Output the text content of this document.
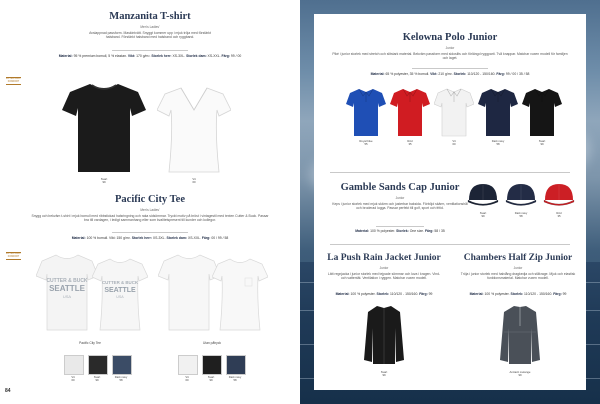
Manzanita T-shirt
Men's Ladies'
Avslappnad passform. Maskintvätt. Snyggt kommer upp i mjuk tröja med förstärkt halsband. Förstärkt halsband med halsband och ryggband.
Material: 95 % premium bomull, 5 % elastan. Vikt: 170 g/m². Storlek herr: XS-3XL. Storlek dam: XS-XXL. Färg: 99 / 00
EXTRA MJUK KOMFORT
Svart
99
Vit
00
Pacific City Tee
Men's Ladies'
Snygg och bekväm t-shirt i mjuk bomull med ribbstickad halsringning och raka sidsömmar. Tryckt motiv på bröst i vintagestil med texten Cutter & Buck. Passar bra till vardagen, i ledigt sammanhang eller som kvalitetspresent till kunder och kollegor.
Material: 100 % bomull. Vikt: 150 g/m². Storlek herr: XS-3XL. Storlek dam: XS-XXL. Färg: 00 / 99 / 58
EXTRA MJUK KOMFORT
CUTTER & BUCK
SEATTLE
USA
CUTTER & BUCK
SEATTLE
USA
Pacific City Tee	Utan påtryck
Vit
00
Svart
99
Dark navy
58
Vit
00
Svart
99
Dark navy
58
84
Kelowna Polo Junior
Junior
Piké i junior storlek med stretch och slitstark material. Bekväm passform med sidoslits och förlängd ryggparti. Två knappar. Matchar vuxen modell för familjen och laget.
Material: 65 % polyester, 35 % bomull. Vikt: 210 g/m². Storlek: 110/120 - 150/160. Färg: 99 / 00 / 35 / 58
Royal blue
55
Röd
35
Vit
00
Dark navy
58
Svart
99
Gamble Sands Cap Junior
Junior
Keps i junior storlek med mjuk skärm och justerbar baksida. Förböjd skärm, ventilationshål och broderad logga. Passar perfekt till golf, sport och fritid.
Material: 100 % polyester. Storlek: One size. Färg: 58 / 35
Svart
99
Dark navy
58
Röd
35
La Push Rain Jacket Junior
Junior
Lätt regnjacka i junior storlek med tejpade sömmar och luva i kragen. Vind- och vattentät. Ventilation i ryggen. Matchar vuxen modell.
Material: 100 % polyester. Storlek: 110/120 - 150/160. Färg: 99
Svart
99
Chambers Half Zip Junior
Junior
Tröja i junior storlek med halvlång dragkedja och ståkrage. Mjuk och elastisk funktionsmaterial. Matchar vuxen modell.
Material: 100 % polyester. Storlek: 110/120 - 150/160. Färg: 99
Antracit melange
99
